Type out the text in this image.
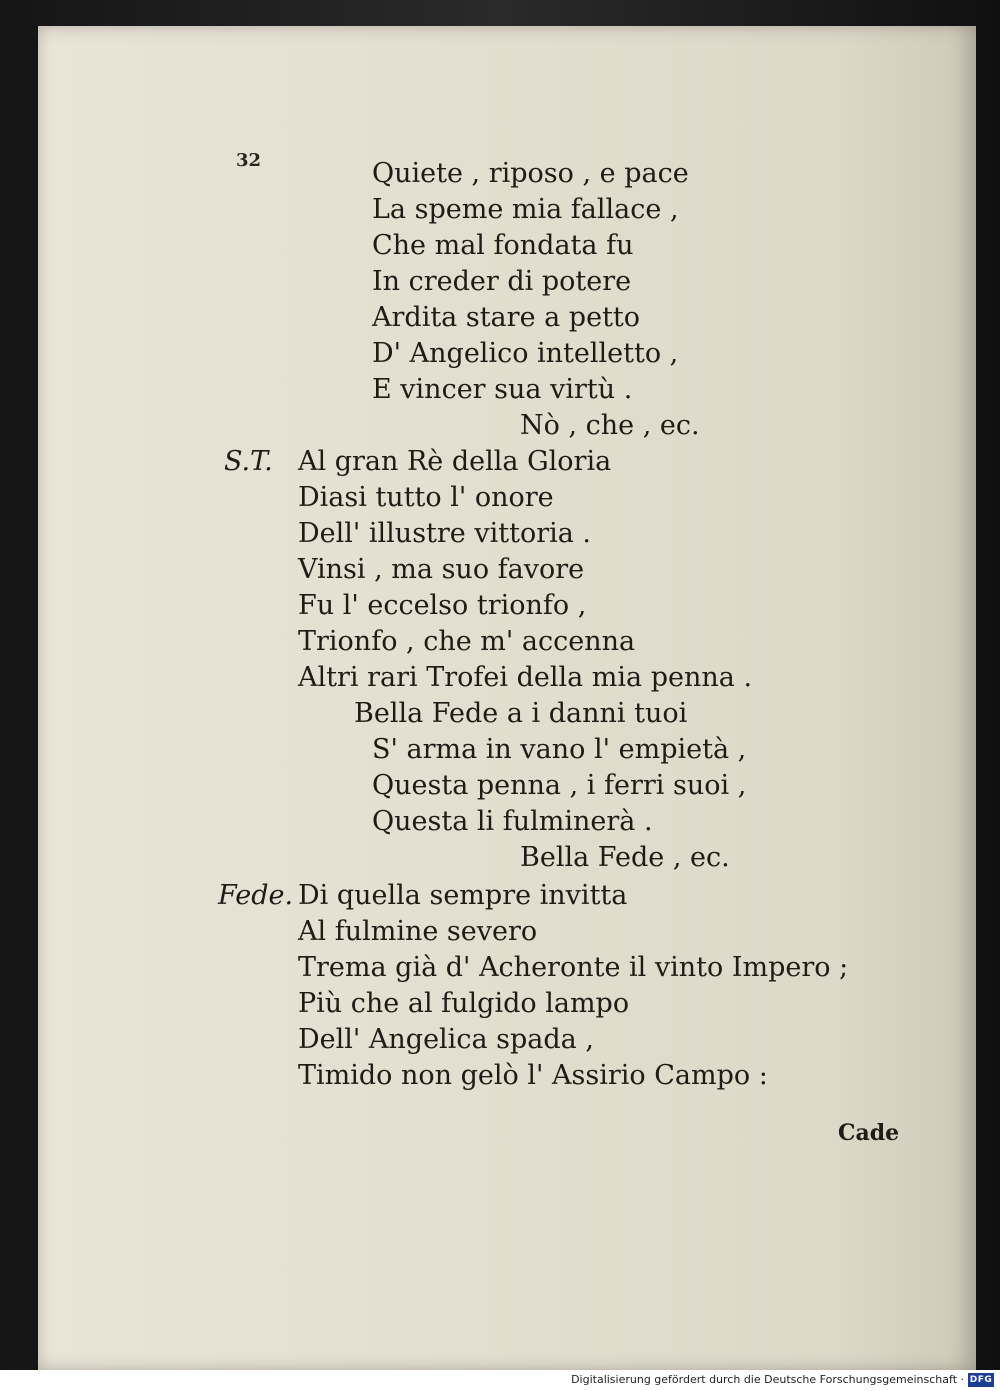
32	Quiete , riposo , e pace
La speme mia fallace ,
Che mal fondata fu
In creder di potere
Ardita stare a petto
D' Angelico intelletto ,
E vincer sua virtù .
Nò , che , ec.
S.T. Al gran Rè della Gloria
Diasi tutto l' onore
Dell' illustre vittoria .
Vinsi , ma suo favore
Fu l' eccelso trionfo ,
Trionfo , che m' accenna
Altri rari Trofei della mia penna .
Bella Fede a i danni tuoi
S' arma in vano l' empietà ,
Questa penna , i ferri suoi ,
Questa li fulminerà .
Bella Fede , ec.
Fede. Di quella sempre invitta
Al fulmine severo
Trema già d' Acheronte il vinto Impero ;
Più che al fulgido lampo
Dell' Angelica spada ,
Timido non gelò l' Assirio Campo :
Cade
Digitalisierung gefördert durch die Deutsche Forschungsgemeinschaft · DFG
